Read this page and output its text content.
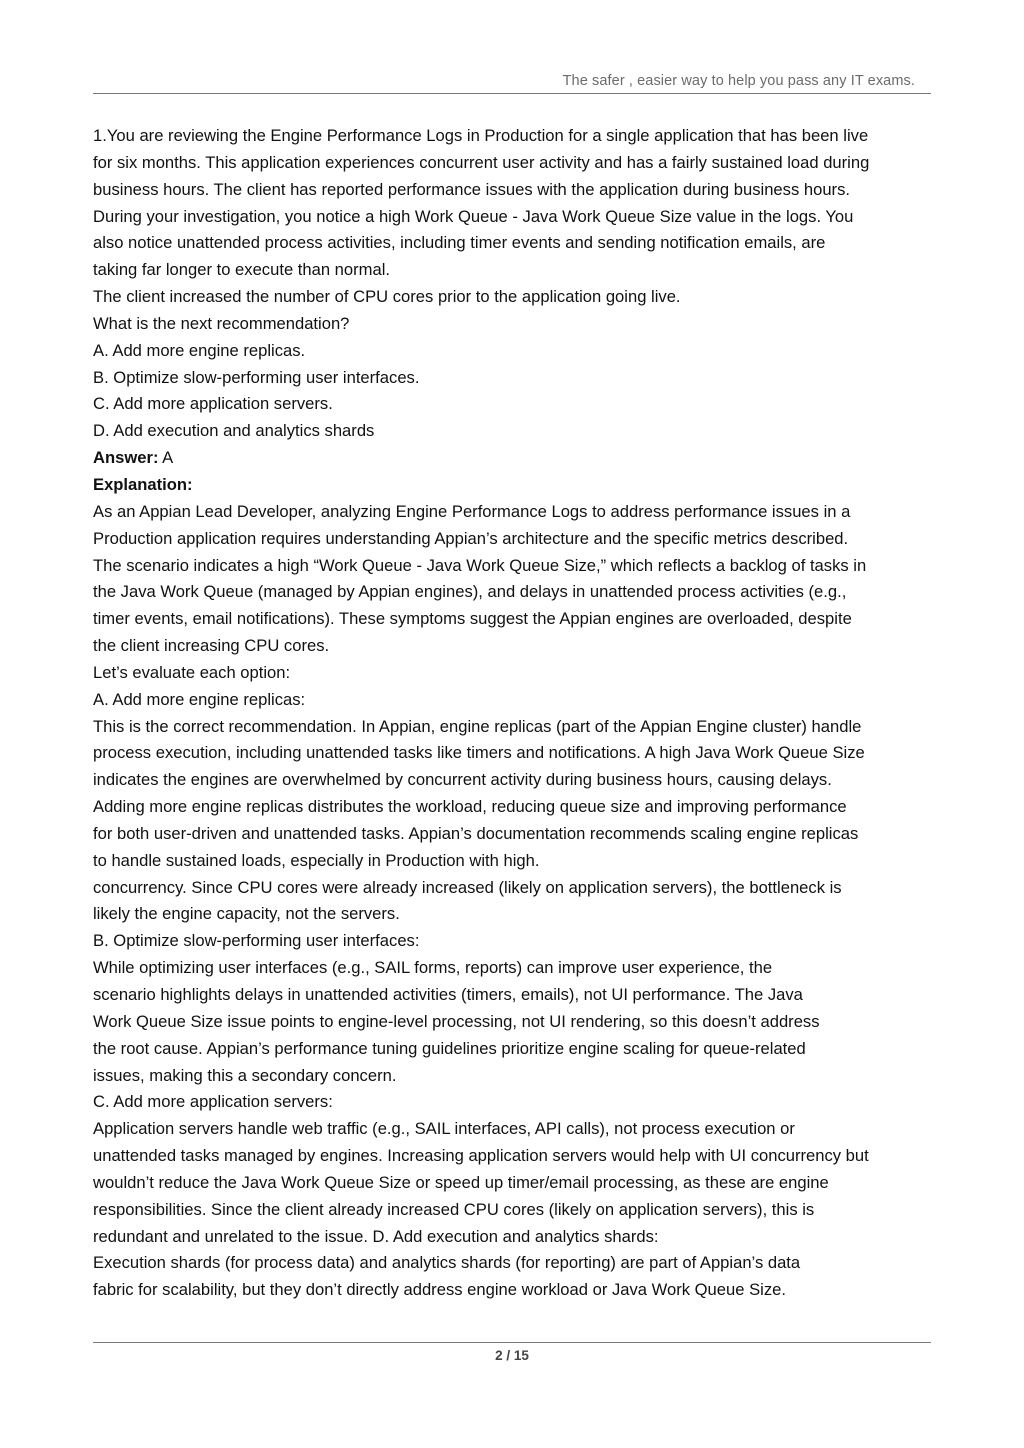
The safer , easier way to help you pass any IT exams.
1.You are reviewing the Engine Performance Logs in Production for a single application that has been live
for six months. This application experiences concurrent user activity and has a fairly sustained load during
business hours. The client has reported performance issues with the application during business hours.
During your investigation, you notice a high Work Queue - Java Work Queue Size value in the logs. You
also notice unattended process activities, including timer events and sending notification emails, are
taking far longer to execute than normal.
The client increased the number of CPU cores prior to the application going live.
What is the next recommendation?
A. Add more engine replicas.
B. Optimize slow-performing user interfaces.
C. Add more application servers.
D. Add execution and analytics shards
Answer: A
Explanation:
As an Appian Lead Developer, analyzing Engine Performance Logs to address performance issues in a
Production application requires understanding Appian’s architecture and the specific metrics described.
The scenario indicates a high “Work Queue - Java Work Queue Size,” which reflects a backlog of tasks in
the Java Work Queue (managed by Appian engines), and delays in unattended process activities (e.g.,
timer events, email notifications). These symptoms suggest the Appian engines are overloaded, despite
the client increasing CPU cores.
Let’s evaluate each option:
A. Add more engine replicas:
This is the correct recommendation. In Appian, engine replicas (part of the Appian Engine cluster) handle
process execution, including unattended tasks like timers and notifications. A high Java Work Queue Size
indicates the engines are overwhelmed by concurrent activity during business hours, causing delays.
Adding more engine replicas distributes the workload, reducing queue size and improving performance
for both user-driven and unattended tasks. Appian’s documentation recommends scaling engine replicas
to handle sustained loads, especially in Production with high.
concurrency. Since CPU cores were already increased (likely on application servers), the bottleneck is
likely the engine capacity, not the servers.
B. Optimize slow-performing user interfaces:
While optimizing user interfaces (e.g., SAIL forms, reports) can improve user experience, the
scenario highlights delays in unattended activities (timers, emails), not UI performance. The Java
Work Queue Size issue points to engine-level processing, not UI rendering, so this doesn’t address
the root cause. Appian’s performance tuning guidelines prioritize engine scaling for queue-related
issues, making this a secondary concern.
C. Add more application servers:
Application servers handle web traffic (e.g., SAIL interfaces, API calls), not process execution or
unattended tasks managed by engines. Increasing application servers would help with UI concurrency but
wouldn’t reduce the Java Work Queue Size or speed up timer/email processing, as these are engine
responsibilities. Since the client already increased CPU cores (likely on application servers), this is
redundant and unrelated to the issue. D. Add execution and analytics shards:
Execution shards (for process data) and analytics shards (for reporting) are part of Appian’s data
fabric for scalability, but they don’t directly address engine workload or Java Work Queue Size.
2 / 15
